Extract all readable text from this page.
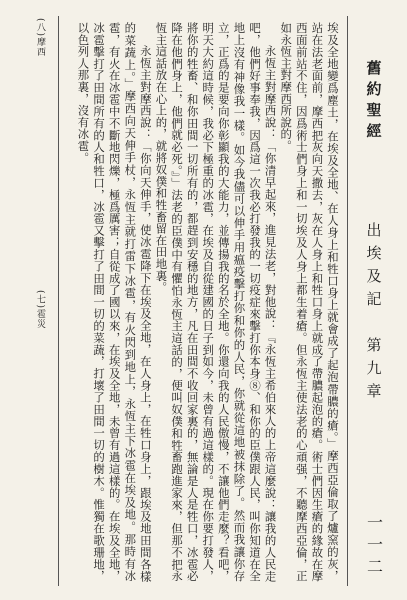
舊約聖經
出埃及記　第九章
一一二
(八)摩西
(七)雹災	埃及全地變爲塵土，在埃及全地、在人身上和牲口身上就會成了起泡帶膿的瘡。」摩西亞倫取了爐窯的灰，站在法老面前，摩西把灰向天撒去，灰在人身上和牲口身上就成了帶膿起泡的瘡。術士們因生瘡的緣故在摩西面前站不住，因爲術士們身上和一切埃及人身上都生着瘡。但永恆主使法老的心頑强，不聽摩西亞倫，正如永恆主對摩西所說的。

永恆主對摩西說：「你清早起來，進見法老，對他說：『永恆主希伯來人的上帝這麼說：讓我的人民走吧，他們好事奉我，因爲這一次我必打發我的一切疫症來擊打你本身⑧、和你的臣僕跟人民，叫你知道在全地上沒有神像我一樣。如今我儘可以伸手用瘟疫擊打你和你的人民，你就從這地被抹除了。然而我讓你存立，正爲的是要向你彰顯我的大能力，並傳揚我的名於全地。你還向我的人民傲慢，不讓他們走麼？看吧，明天大約這時候，我必下極重的冰雹，在埃及自從建國的日子到如今，未曾有過這樣的。現在你要打發人，將你的牲畜、和你田間一切所有的，都趕到安穩的地方，凡在田間不收回家裏的，無論是人是牲口，冰雹必降在他們身上，他們就必死。』」法老的臣僕中有懼怕永恆主這話的，便叫奴僕和牲畜跑進家來，但那不把永恆主這話放在心上的，就將奴僕和牲畜留在田地裏。

永恆主對摩西說：「你向天伸手，使冰雹降下在埃及全地，在人身上，在牲口身上，跟埃及地田間各樣的菜蔬上。」摩西向天伸手杖，永恆主就打雷下冰雹，有火閃到地上，永恆主下冰雹在埃及地。那時有冰雹，有火在冰雹中不斷地閃爍，極爲厲害；自從成了國以來，在埃及全地，未曾有過這樣的。在埃及全地，冰雹擊打了田間所有的人和牲口，冰雹又擊打了田間一切的菜蔬，打壞了田間一切的樹木。惟獨在歌珊地，以色列人那裏，沒有冰雹。
